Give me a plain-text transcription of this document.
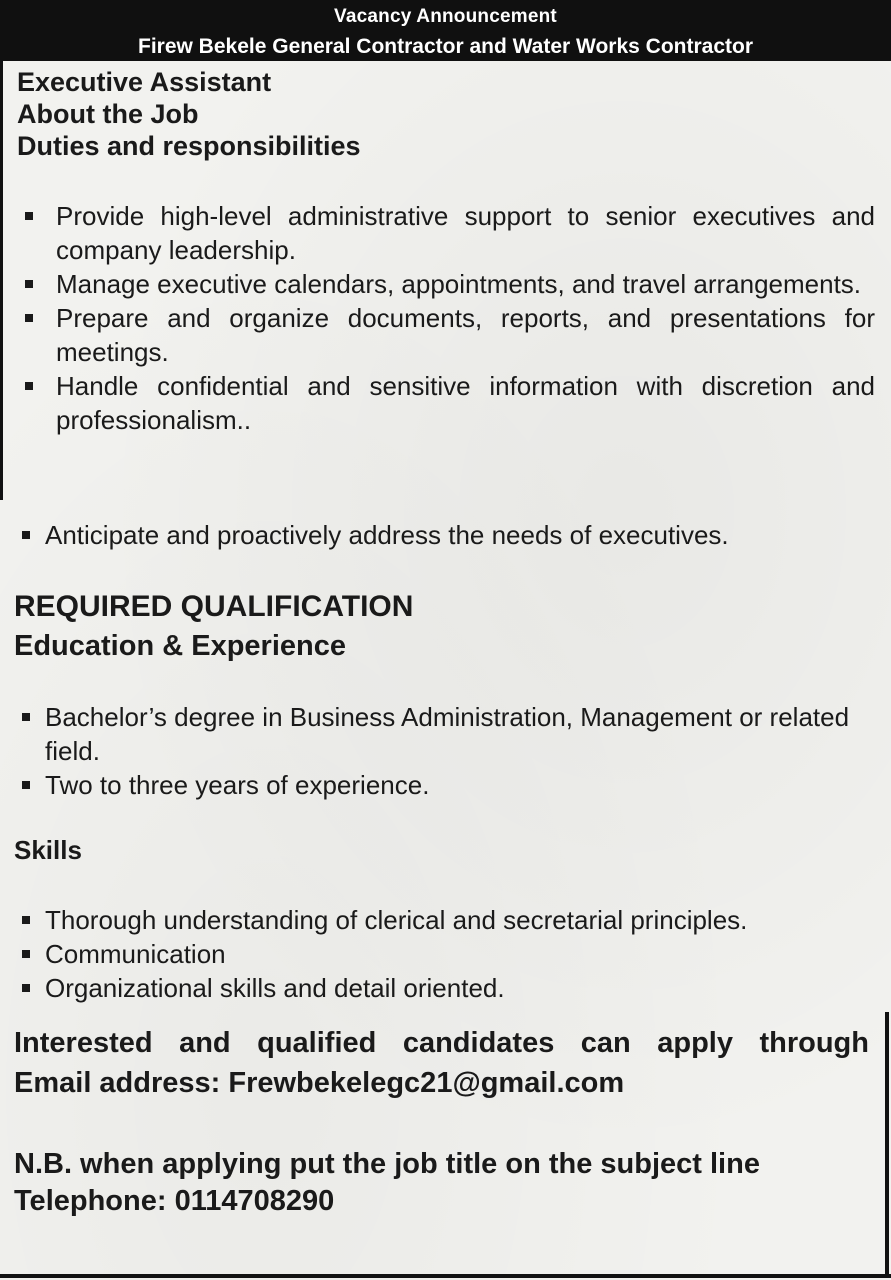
Vacancy Announcement
Firew Bekele General Contractor and Water Works Contractor
Executive Assistant
About the Job
Duties and responsibilities
Provide high-level administrative support to senior executives and company leadership.
Manage executive calendars, appointments, and travel arrangements.
Prepare and organize documents, reports, and presentations for meetings.
Handle confidential and sensitive information with discretion and professionalism..
Anticipate and proactively address the needs of executives.
REQUIRED QUALIFICATION
Education & Experience
Bachelor’s degree in Business Administration, Management or related field.
Two to three years of experience.
Skills
Thorough understanding of clerical and secretarial principles.
Communication
Organizational skills and detail oriented.
Interested and qualified candidates can apply through
Email address: Frewbekelegc21@gmail.com
N.B. when applying put the job title on the subject line
Telephone: 0114708290
